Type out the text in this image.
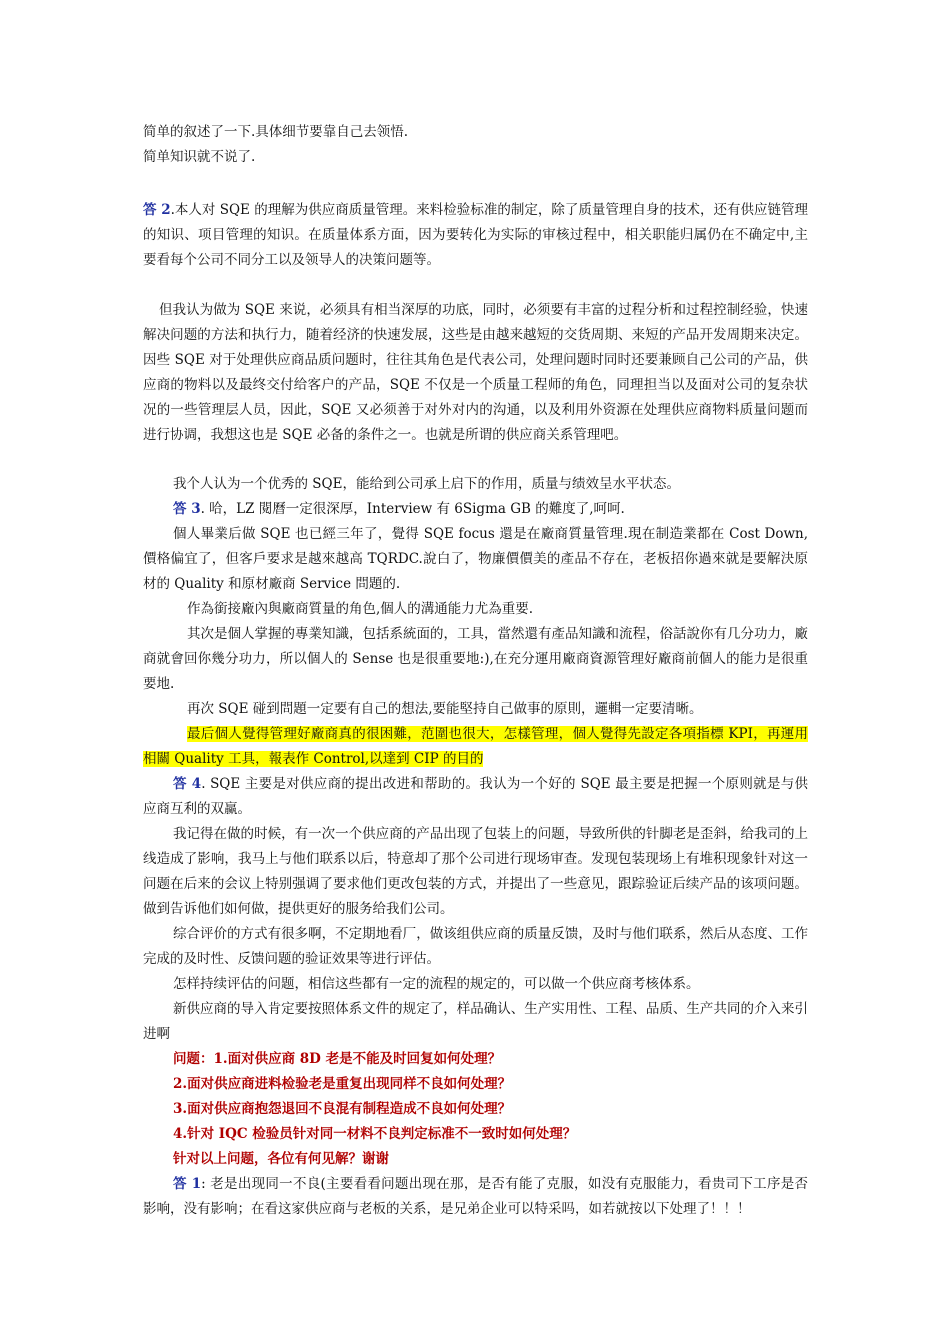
简单的叙述了一下.具体细节要靠自己去领悟.

简单知识就不说了.

答 2.本人对 SQE 的理解为供应商质量管理。来料检验标准的制定，除了质量管理自身的技术，还有供应链管理的知识、项目管理的知识。在质量体系方面，因为要转化为实际的审核过程中，相关职能归属仍在不确定中,主要看每个公司不同分工以及领导人的决策问题等。

但我认为做为 SQE 来说，必须具有相当深厚的功底，同时，必须要有丰富的过程分析和过程控制经验，快速解决问题的方法和执行力，随着经济的快速发展，这些是由越来越短的交货周期、来短的产品开发周期来决定。因些 SQE 对于处理供应商品质问题时，往往其角色是代表公司，处理问题时同时还要兼顾自己公司的产品，供应商的物料以及最终交付给客户的产品，SQE 不仅是一个质量工程师的角色，同理担当以及面对公司的复杂状况的一些管理层人员，因此，SQE 又必须善于对外对内的沟通，以及利用外资源在处理供应商物料质量问题而进行协调，我想这也是 SQE 必备的条件之一。也就是所谓的供应商关系管理吧。

我个人认为一个优秀的 SQE，能给到公司承上启下的作用，质量与绩效呈水平状态。

答 3. 哈，LZ 閱曆一定很深厚，Interview 有 6Sigma GB 的難度了,呵呵.

個人畢業后做 SQE 也已經三年了，覺得 SQE focus 還是在廠商質量管理.現在制造業都在 Cost Down,價格偏宜了，但客戶要求是越來越高 TQRDC.說白了，物廉價價美的產品不存在，老板招你過來就是要解決原材的 Quality 和原材廠商 Service 問題的.

作為銜接廠內與廠商質量的角色,個人的溝通能力尤為重要.

其次是個人掌握的專業知識，包括系統面的，工具，當然還有產品知識和流程，俗話說你有几分功力，廠商就會回你幾分功力，所以個人的 Sense 也是很重要地:),在充分運用廠商資源管理好廠商前個人的能力是很重要地.

再次 SQE 碰到問題一定要有自己的想法,要能堅持自己做事的原則，邏輯一定要清晰。

最后個人覺得管理好廠商真的很困難，范圍也很大，怎樣管理，個人覺得先設定各項指標 KPI，再運用相關 Quality 工具，報表作 Control,以達到 CIP 的目的

答 4. SQE 主要是对供应商的提出改进和帮助的。我认为一个好的 SQE 最主要是把握一个原则就是与供应商互利的双赢。

我记得在做的时候，有一次一个供应商的产品出现了包装上的问题，导致所供的针脚老是歪斜，给我司的上线造成了影响，我马上与他们联系以后，特意却了那个公司进行现场审查。发现包装现场上有堆积现象针对这一问题在后来的会议上特别强调了要求他们更改包装的方式，并提出了一些意见，跟踪验证后续产品的该项问题。做到告诉他们如何做，提供更好的服务给我们公司。

综合评价的方式有很多啊，不定期地看厂，做该组供应商的质量反馈，及时与他们联系，然后从态度、工作完成的及时性、反馈问题的验证效果等进行评估。

怎样持续评估的问题，相信这些都有一定的流程的规定的，可以做一个供应商考核体系。

新供应商的导入肯定要按照体系文件的规定了，样品确认、生产实用性、工程、品质、生产共同的介入来引进啊

问题：1.面对供应商 8D 老是不能及时回复如何处理？

2.面对供应商进料检验老是重复出现同样不良如何处理？

3.面对供应商抱怨退回不良混有制程造成不良如何处理？

4.针对 IQC 检验员针对同一材料不良判定标准不一致时如何处理？

针对以上问题，各位有何见解？谢谢

答 1: 老是出现同一不良(主要看看问题出现在那，是否有能了克服，如没有克服能力，看贵司下工序是否影响，没有影响；在看这家供应商与老板的关系，是兄弟企业可以特采吗，如若就按以下处理了！！！
